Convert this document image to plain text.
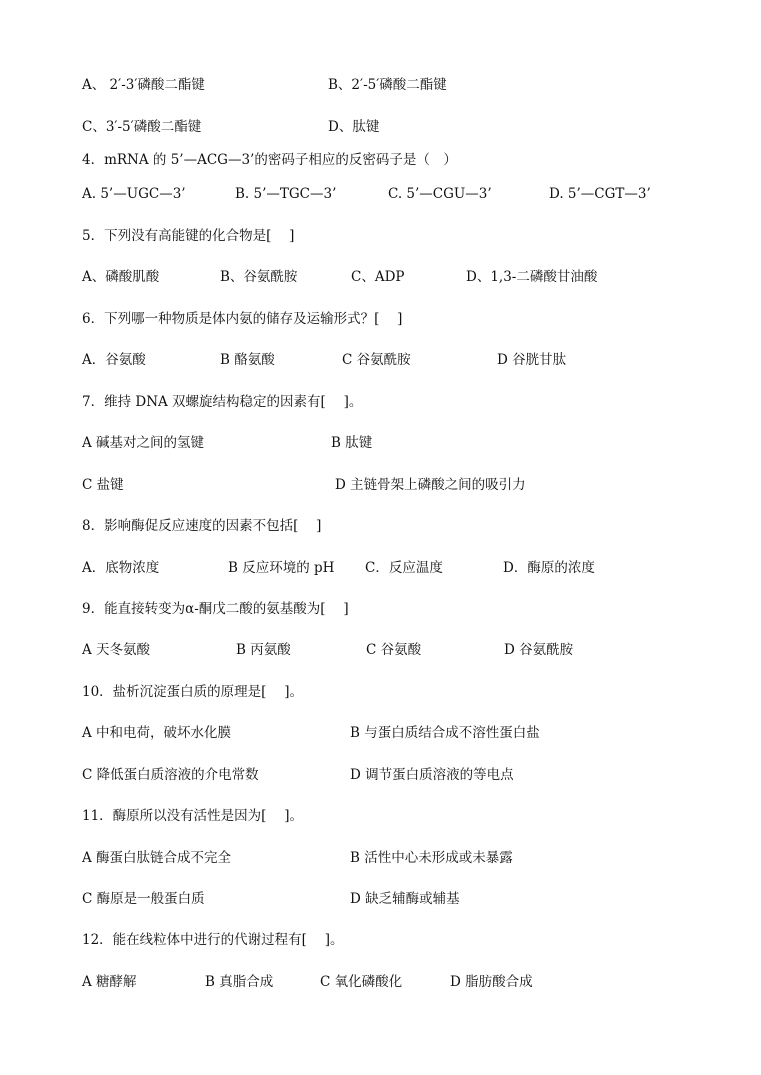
A、 2′-3′磷酸二酯键

	B、2′-5′磷酸二酯键

C、3′-5′磷酸二酯键

	D、肽键

4．mRNA 的 5’—ACG—3’的密码子相应的反密码子是（　）

A. 5’—UGC—3’

	B. 5’—TGC—3’

	C. 5’—CGU—3’

	D. 5’—CGT—3’

5．下列没有高能键的化合物是[　 ]

A、磷酸肌酸

	B、谷氨酰胺

	C、ADP

	D、1,3-二磷酸甘油酸

6．下列哪一种物质是体内氨的储存及运输形式？[　 ]

A．谷氨酸

	B 酪氨酸

	C 谷氨酰胺

	D 谷胱甘肽

7．维持 DNA 双螺旋结构稳定的因素有[　 ]。

A 碱基对之间的氢键

	B 肽键

C 盐键

	D 主链骨架上磷酸之间的吸引力

8．影响酶促反应速度的因素不包括[　 ]

A．底物浓度

	B 反应环境的 pH

C．反应温度

	D．酶原的浓度

9．能直接转变为α-酮戊二酸的氨基酸为[　 ]

A 天冬氨酸

	B 丙氨酸

	C 谷氨酸

	D 谷氨酰胺

10．盐析沉淀蛋白质的原理是[　 ]。

A 中和电荷，破坏水化膜

	B 与蛋白质结合成不溶性蛋白盐

C 降低蛋白质溶液的介电常数

	D 调节蛋白质溶液的等电点

11．酶原所以没有活性是因为[　 ]。

A 酶蛋白肽链合成不完全

	B 活性中心未形成或未暴露

C 酶原是一般蛋白质

	D 缺乏辅酶或辅基

12．能在线粒体中进行的代谢过程有[　 ]。

A 糖酵解

	B 真脂合成

	C 氧化磷酸化

	D 脂肪酸合成
